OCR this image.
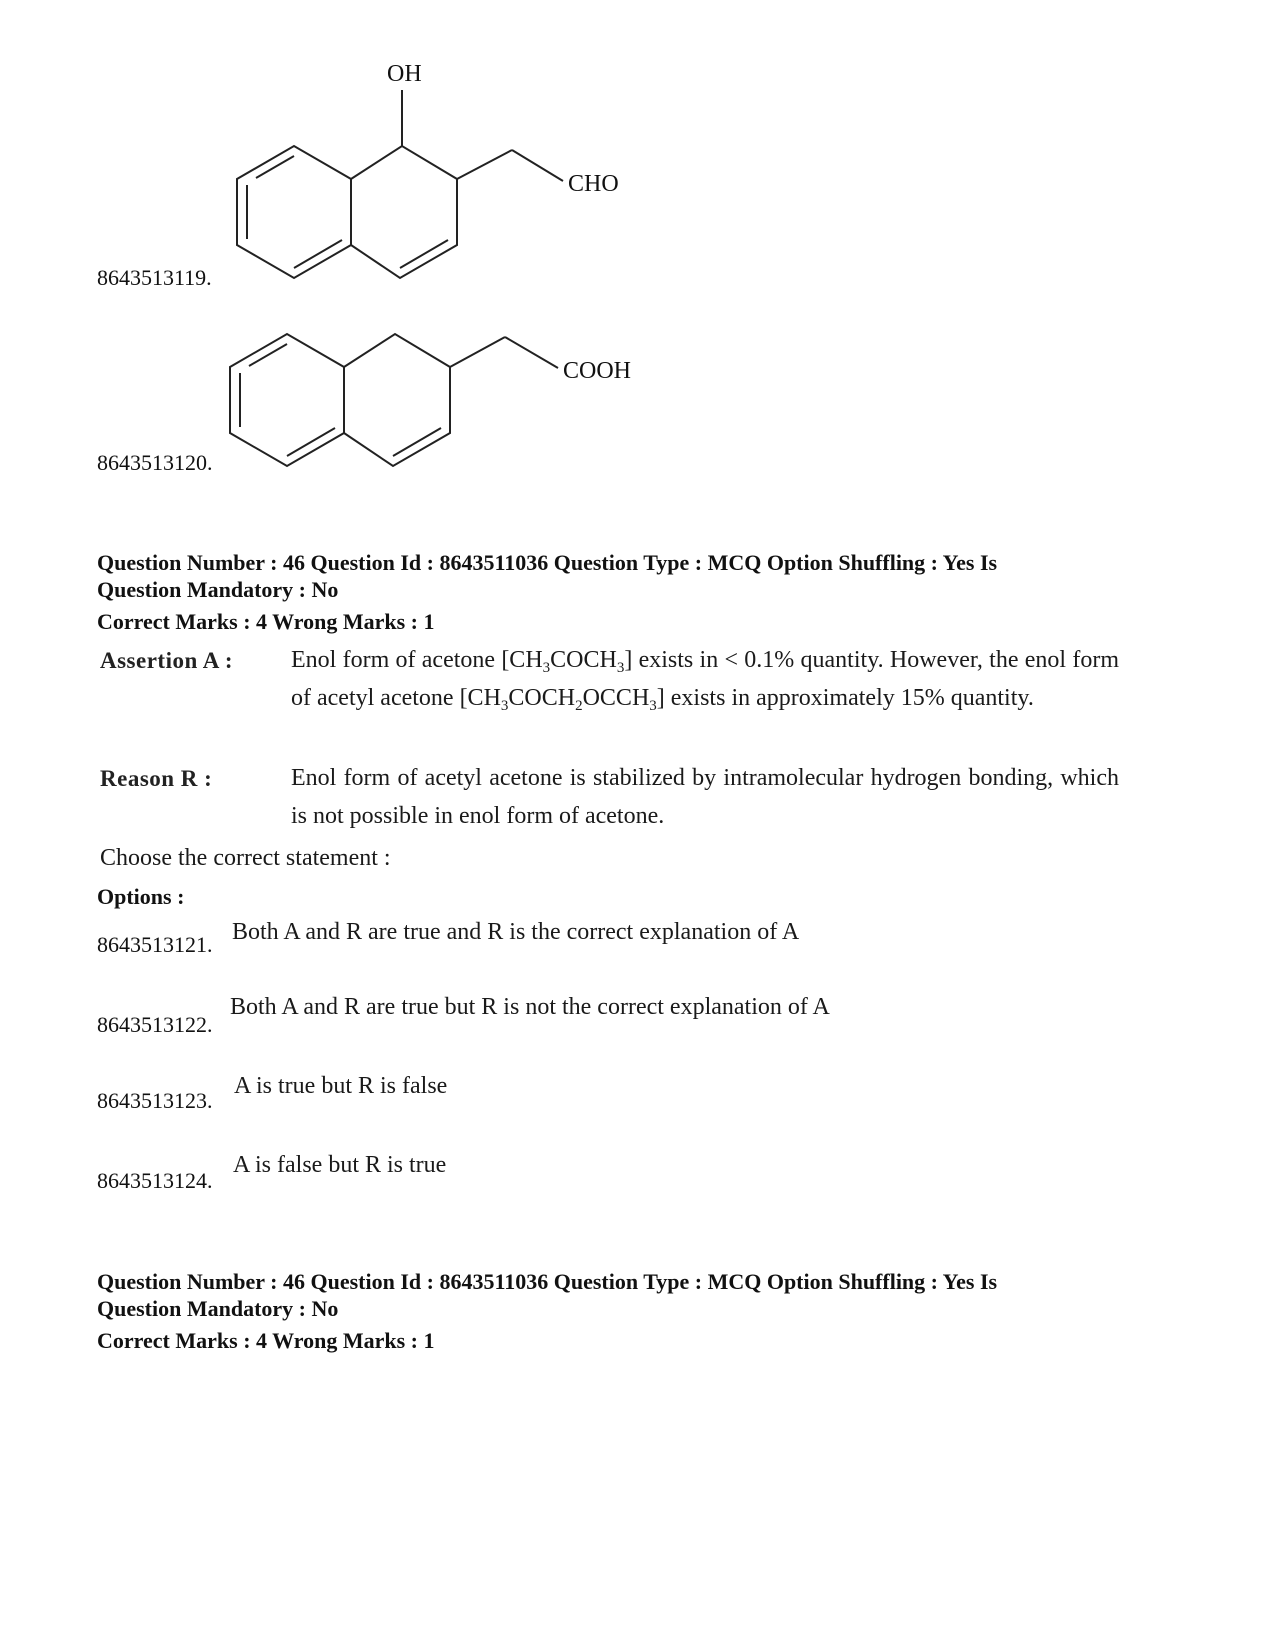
OH
CHO
8643513119.
COOH
8643513120.
Question Number : 46 Question Id : 8643511036 Question Type : MCQ Option Shuffling : Yes Is
Question Mandatory : No
Correct Marks : 4 Wrong Marks : 1
Assertion A : Enol form of acetone $[CH_3COCH_3]$ exists in < 0.1% quantity. However, the enol form of acetyl acetone $[CH_3COCH_2OCCH_3]$ exists in approximately 15% quantity.
Reason R :	Enol form of acetyl acetone is stabilized by intramolecular hydrogen bonding, which is not possible in enol form of acetone.
Choose the correct statement :
Options :
8643513121. Both A and R are true and R is the correct explanation of A
8643513122.
Both A and R are true but R is not the correct explanation of A
8643513123.
A is true but R is false
8643513124.
A is false but R is true
Question Number : 46 Question Id : 8643511036 Question Type : MCQ Option Shuffling : Yes Is
Question Mandatory : No
Correct Marks : 4 Wrong Marks : 1
